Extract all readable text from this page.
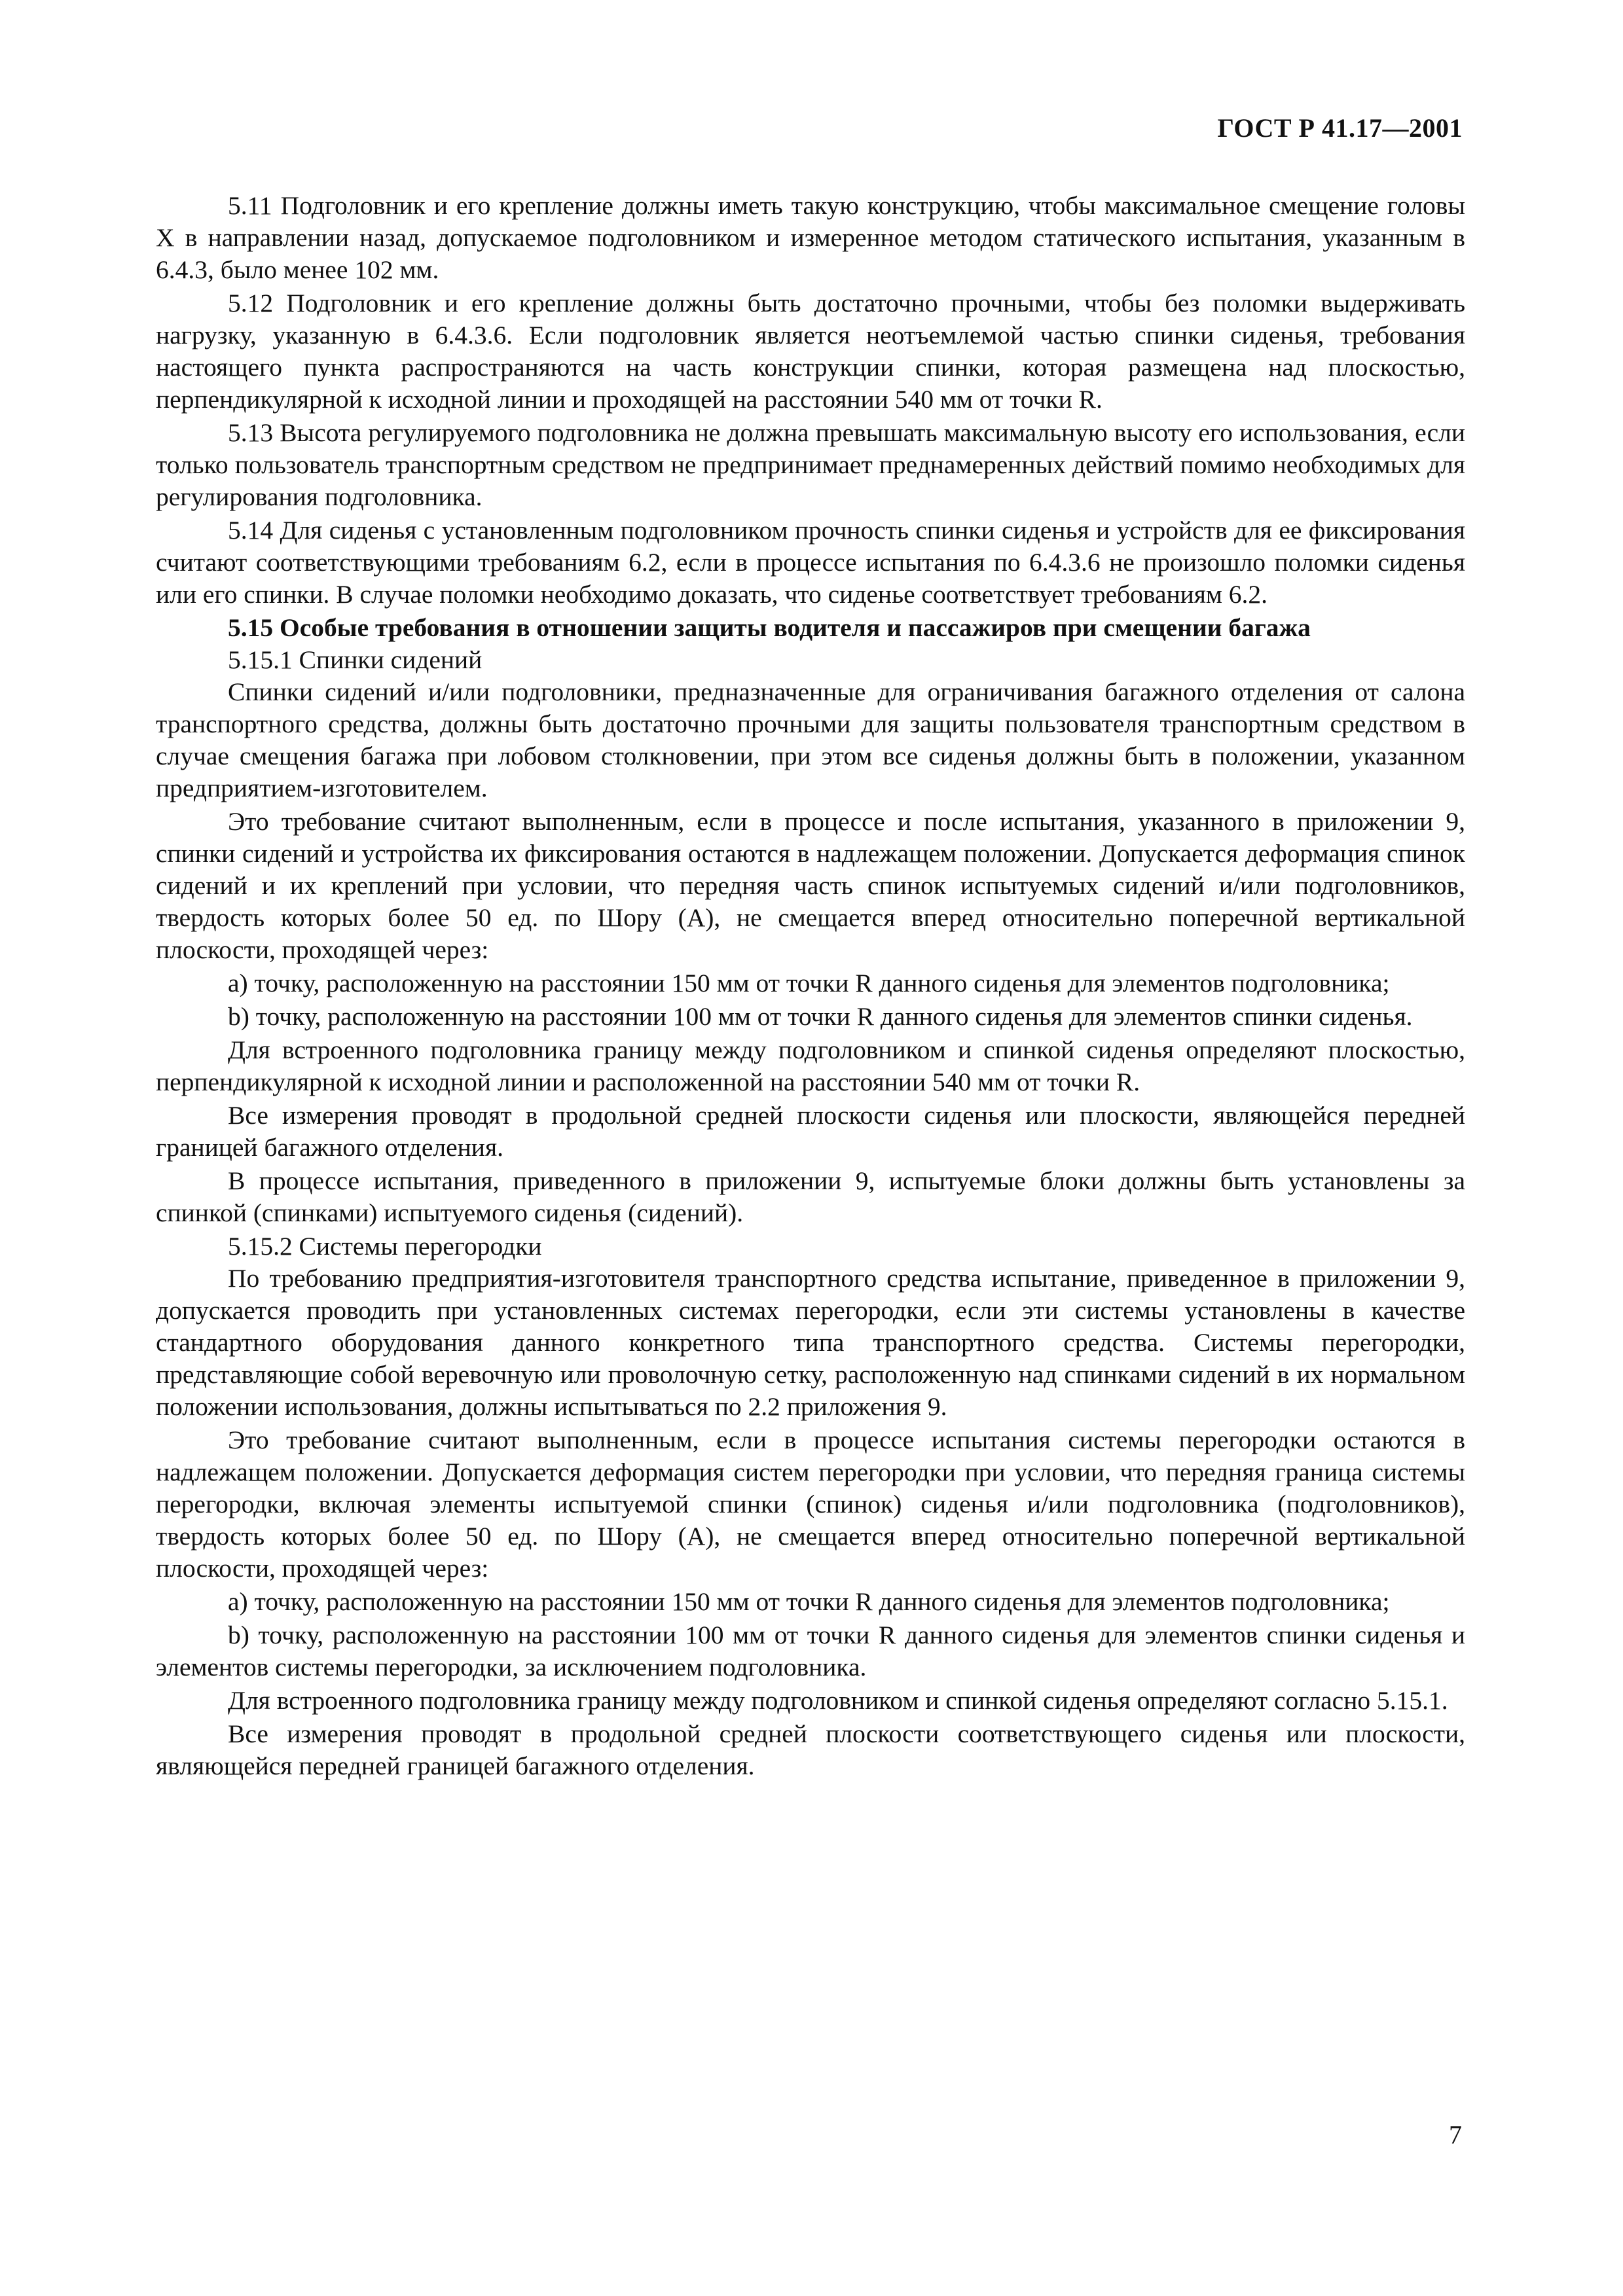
ГОСТ Р 41.17—2001

5.11 Подголовник и его крепление должны иметь такую конструкцию, чтобы максимальное смещение головы X в направлении назад, допускаемое подголовником и измеренное методом статического испытания, указанным в 6.4.3, было менее 102 мм.

5.12 Подголовник и его крепление должны быть достаточно прочными, чтобы без поломки выдерживать нагрузку, указанную в 6.4.3.6. Если подголовник является неотъемлемой частью спинки сиденья, требования настоящего пункта распространяются на часть конструкции спинки, которая размещена над плоскостью, перпендикулярной к исходной линии и проходящей на расстоянии 540 мм от точки R.

5.13 Высота регулируемого подголовника не должна превышать максимальную высоту его использования, если только пользователь транспортным средством не предпринимает преднамеренных действий помимо необходимых для регулирования подголовника.

5.14 Для сиденья с установленным подголовником прочность спинки сиденья и устройств для ее фиксирования считают соответствующими требованиям 6.2, если в процессе испытания по 6.4.3.6 не произошло поломки сиденья или его спинки. В случае поломки необходимо доказать, что сиденье соответствует требованиям 6.2.

5.15 Особые требования в отношении защиты водителя и пассажиров при смещении багажа

5.15.1 Спинки сидений

Спинки сидений и/или подголовники, предназначенные для ограничивания багажного отделения от салона транспортного средства, должны быть достаточно прочными для защиты пользователя транспортным средством в случае смещения багажа при лобовом столкновении, при этом все сиденья должны быть в положении, указанном предприятием-изготовителем.

Это требование считают выполненным, если в процессе и после испытания, указанного в приложении 9, спинки сидений и устройства их фиксирования остаются в надлежащем положении. Допускается деформация спинок сидений и их креплений при условии, что передняя часть спинок испытуемых сидений и/или подголовников, твердость которых более 50 ед. по Шору (А), не смещается вперед относительно поперечной вертикальной плоскости, проходящей через:

a) точку, расположенную на расстоянии 150 мм от точки R данного сиденья для элементов подголовника;

b) точку, расположенную на расстоянии 100 мм от точки R данного сиденья для элементов спинки сиденья.

Для встроенного подголовника границу между подголовником и спинкой сиденья определяют плоскостью, перпендикулярной к исходной линии и расположенной на расстоянии 540 мм от точки R.

Все измерения проводят в продольной средней плоскости сиденья или плоскости, являющейся передней границей багажного отделения.

В процессе испытания, приведенного в приложении 9, испытуемые блоки должны быть установлены за спинкой (спинками) испытуемого сиденья (сидений).

5.15.2 Системы перегородки

По требованию предприятия-изготовителя транспортного средства испытание, приведенное в приложении 9, допускается проводить при установленных системах перегородки, если эти системы установлены в качестве стандартного оборудования данного конкретного типа транспортного средства. Системы перегородки, представляющие собой веревочную или проволочную сетку, расположенную над спинками сидений в их нормальном положении использования, должны испытываться по 2.2 приложения 9.

Это требование считают выполненным, если в процессе испытания системы перегородки остаются в надлежащем положении. Допускается деформация систем перегородки при условии, что передняя граница системы перегородки, включая элементы испытуемой спинки (спинок) сиденья и/или подголовника (подголовников), твердость которых более 50 ед. по Шору (А), не смещается вперед относительно поперечной вертикальной плоскости, проходящей через:

a) точку, расположенную на расстоянии 150 мм от точки R данного сиденья для элементов подголовника;

b) точку, расположенную на расстоянии 100 мм от точки R данного сиденья для элементов спинки сиденья и элементов системы перегородки, за исключением подголовника.

Для встроенного подголовника границу между подголовником и спинкой сиденья определяют согласно 5.15.1.

Все измерения проводят в продольной средней плоскости соответствующего сиденья или плоскости, являющейся передней границей багажного отделения.

7
